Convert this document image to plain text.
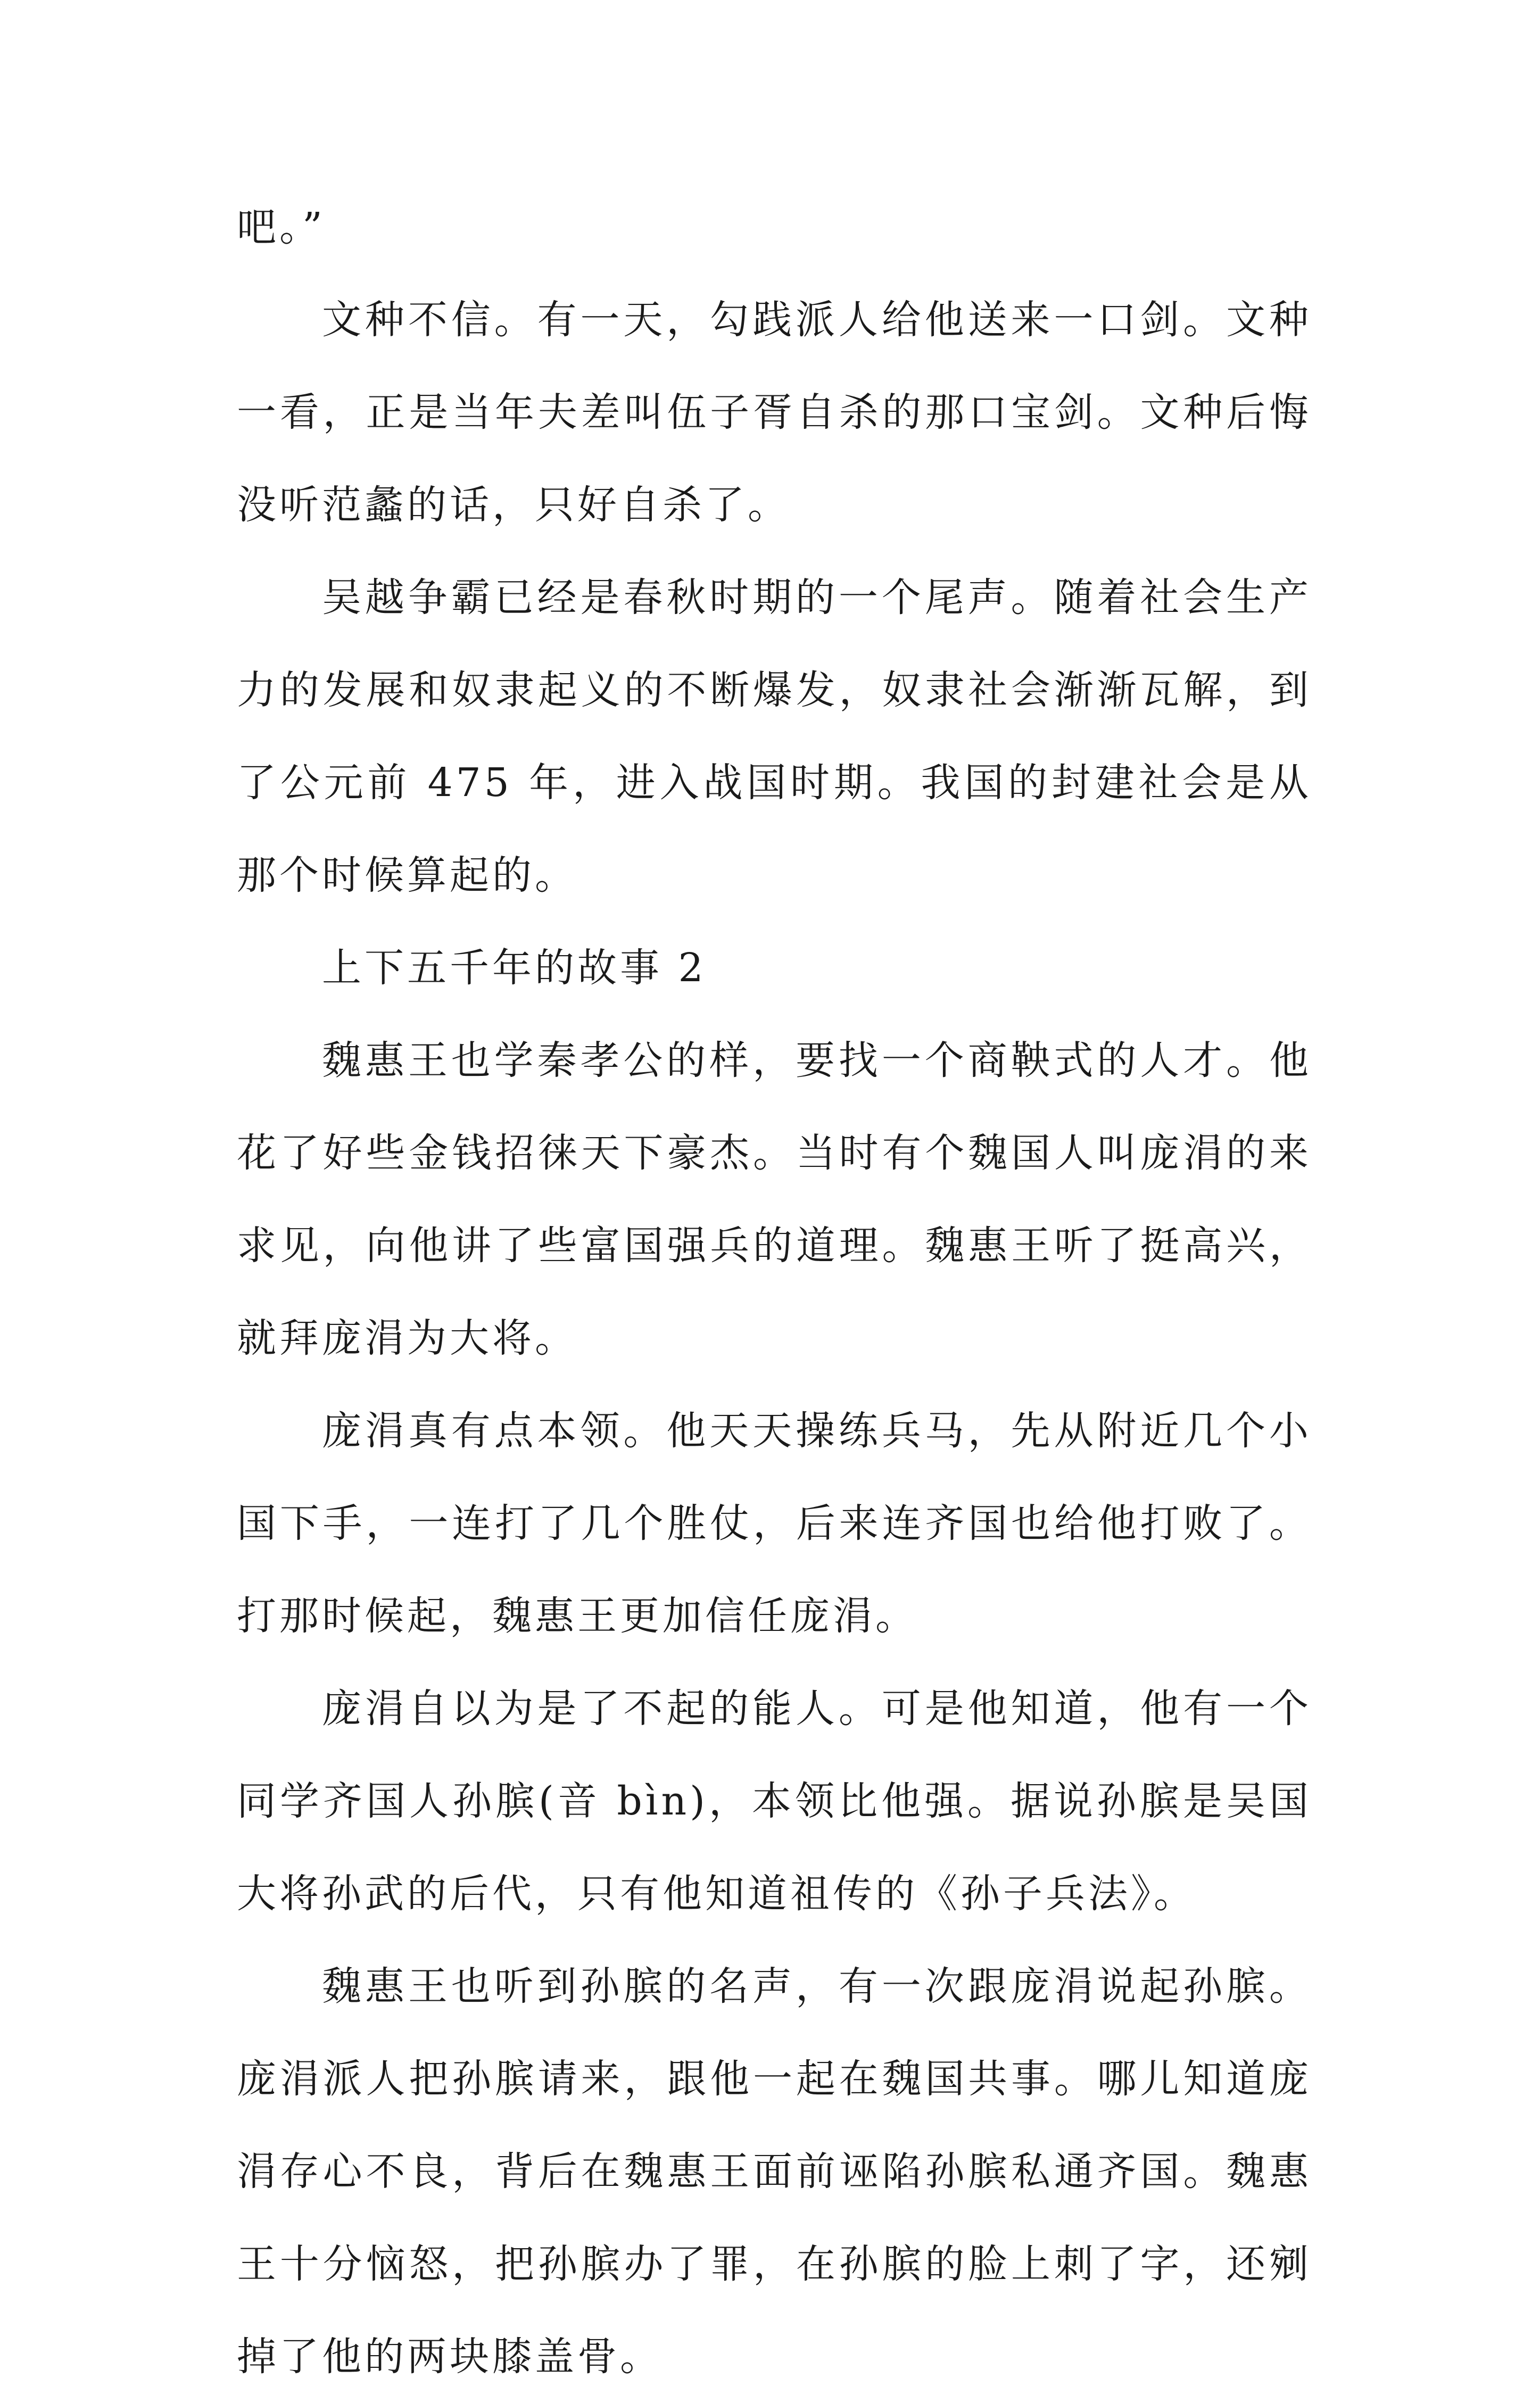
吧。”

文种不信。有一天，勾践派人给他送来一口剑。文种一看，正是当年夫差叫伍子胥自杀的那口宝剑。文种后悔没听范蠡的话，只好自杀了。

吴越争霸已经是春秋时期的一个尾声。随着社会生产力的发展和奴隶起义的不断爆发，奴隶社会渐渐瓦解，到了公元前 475 年，进入战国时期。我国的封建社会是从那个时候算起的。

上下五千年的故事 2

魏惠王也学秦孝公的样，要找一个商鞅式的人才。他花了好些金钱招徕天下豪杰。当时有个魏国人叫庞涓的来求见，向他讲了些富国强兵的道理。魏惠王听了挺高兴，就拜庞涓为大将。

庞涓真有点本领。他天天操练兵马，先从附近几个小国下手，一连打了几个胜仗，后来连齐国也给他打败了。打那时候起，魏惠王更加信任庞涓。

庞涓自以为是了不起的能人。可是他知道，他有一个同学齐国人孙膑(音 bìn)，本领比他强。据说孙膑是吴国大将孙武的后代，只有他知道祖传的《孙子兵法》。

魏惠王也听到孙膑的名声，有一次跟庞涓说起孙膑。庞涓派人把孙膑请来，跟他一起在魏国共事。哪儿知道庞涓存心不良，背后在魏惠王面前诬陷孙膑私通齐国。魏惠王十分恼怒，把孙膑办了罪，在孙膑的脸上刺了字，还剜掉了他的两块膝盖骨。
